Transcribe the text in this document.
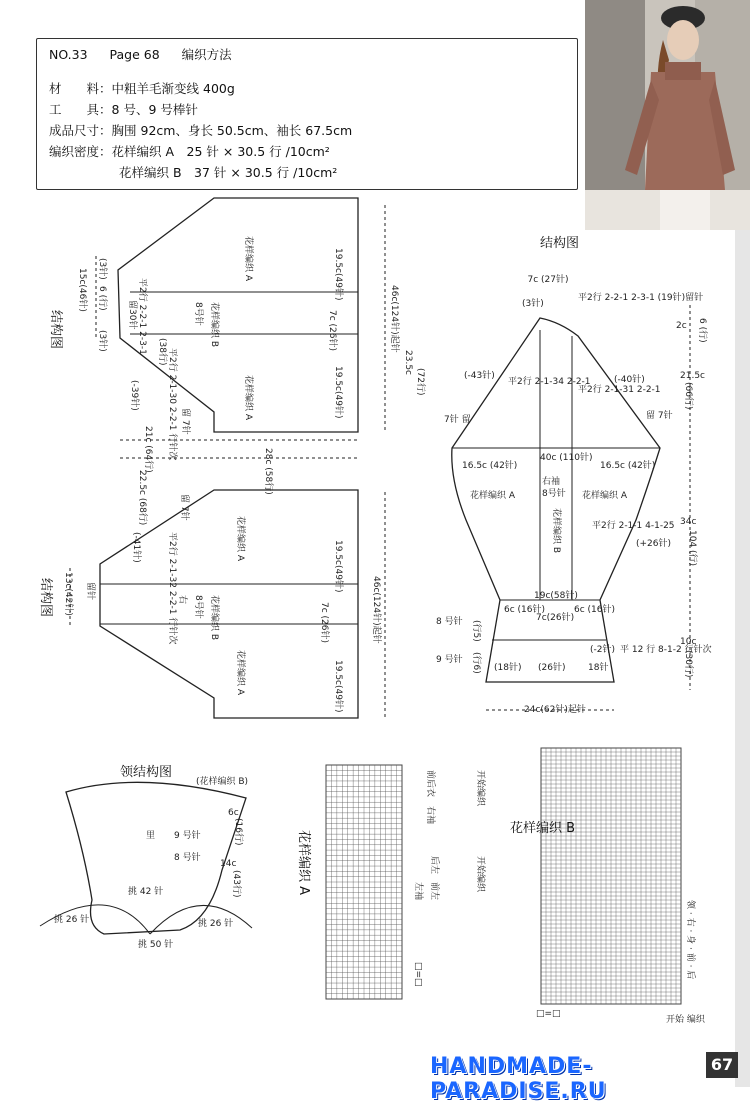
NO.33 Page 68 编织方法
材　　料：中粗羊毛渐变线 400g
工　　具：8 号、9 号棒针
成品尺寸：胸围 92cm、身长 50.5cm、袖长 67.5cm
编织密度：花样编织 A　25 针 × 30.5 行 /10cm²
花样编织 B　37 针 × 30.5 行 /10cm²
结构图
花样编织 A
花样编织 A
花样编织 B
8号针
平2行 2-2-1 2-3-1
平2行 2-1-30 2-2-1 行针次
19.5c(49针)
19.5c(49针)
7c (26针)	46c(124针)起针
23.5c
(72行)
15c(46针)
21c (64行)	28c (58行)
(3针)
(3针)
6 (行)
留30针
留 7针
(-39针)
(38行)
结构图
花样编织 A
花样编织 A
花样编织 B
8号针
右
平2行 2-1-32 2-2-1 行针次
22.5c (68行)
13c(42针)
19.5c(49针)
19.5c(49针)
7c (26针)	46c(124针)起针
(-41针)
留 7针
留针
结构图
7c (27针)
(3针)
平2行 2-2-1 2-3-1 (19针)留针
(-43针)
平2行 2-1-34 2-2-1
平2行 2-1-31 2-2-1
(-40针)
7针 留	留 7针
16.5c (42针)
40c (110针)
16.5c (42针)
花样编织 A	花样编织 A
右袖
8号针
花样编织 B	平2行 2-1-1 4-1-25
(+26针)
19c(58针)
6c (16针)
7c(26针)
6c (16针)
8 号针
9 号针
(行5)
(行6) (18针) (26针)	18针
(-2针) 平 12 行 8-1-2 行针次
24c(62针)起针
2c 6 (行)
21.5c
(66行)
34c
104 (行)
10c
(30行)
领结构图
(花样编织 B)
里 9 号针
8 号针
6c
(16行)
14c
(43行)
挑 42 针
挑 26 针	挑 26 针
挑 50 针
花样编织 A
前后衣
右袖
后左
前左
左袖
开始编织
开始编织
□=□
花样编织 B
领 · 右 · 身 · 前 · 后
开始 编织
□=□
HANDMADE-PARADISE.RU
67
